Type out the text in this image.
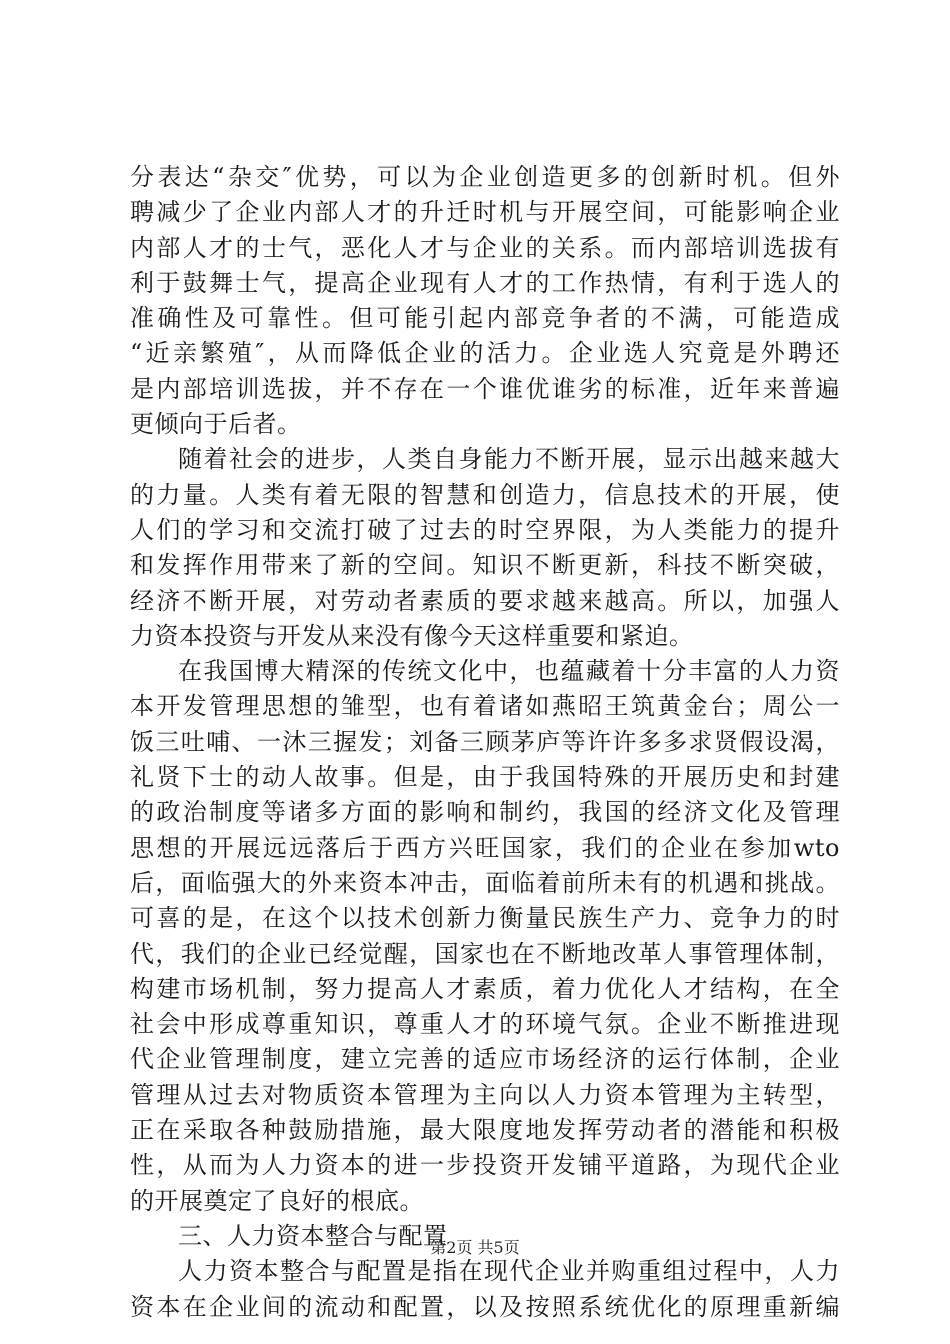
分表达“杂交″优势，可以为企业创造更多的创新时机。但外
聘减少了企业内部人才的升迁时机与开展空间，可能影响企业
内部人才的士气，恶化人才与企业的关系。而内部培训选拔有
利于鼓舞士气，提高企业现有人才的工作热情，有利于选人的
准确性及可靠性。但可能引起内部竞争者的不满，可能造成
“近亲繁殖″，从而降低企业的活力。企业选人究竟是外聘还
是内部培训选拔，并不存在一个谁优谁劣的标准，近年来普遍
更倾向于后者。
随着社会的进步，人类自身能力不断开展，显示出越来越大
的力量。人类有着无限的智慧和创造力，信息技术的开展，使
人们的学习和交流打破了过去的时空界限，为人类能力的提升
和发挥作用带来了新的空间。知识不断更新，科技不断突破，
经济不断开展，对劳动者素质的要求越来越高。所以，加强人
力资本投资与开发从来没有像今天这样重要和紧迫。
在我国博大精深的传统文化中，也蕴藏着十分丰富的人力资
本开发管理思想的雏型，也有着诸如燕昭王筑黄金台；周公一
饭三吐哺、一沐三握发；刘备三顾茅庐等许许多多求贤假设渴，
礼贤下士的动人故事。但是，由于我国特殊的开展历史和封建
的政治制度等诸多方面的影响和制约，我国的经济文化及管理
思想的开展远远落后于西方兴旺国家，我们的企业在参加wto
后，面临强大的外来资本冲击，面临着前所未有的机遇和挑战。
可喜的是，在这个以技术创新力衡量民族生产力、竞争力的时
代，我们的企业已经觉醒，国家也在不断地改革人事管理体制，
构建市场机制，努力提高人才素质，着力优化人才结构，在全
社会中形成尊重知识，尊重人才的环境气氛。企业不断推进现
代企业管理制度，建立完善的适应市场经济的运行体制，企业
管理从过去对物质资本管理为主向以人力资本管理为主转型，
正在采取各种鼓励措施，最大限度地发挥劳动者的潜能和积极
性，从而为人力资本的进一步投资开发铺平道路，为现代企业
的开展奠定了良好的根底。
三、人力资本整合与配置
人力资本整合与配置是指在现代企业并购重组过程中，人力
资本在企业间的流动和配置，以及按照系统优化的原理重新编
第2页 共5页
